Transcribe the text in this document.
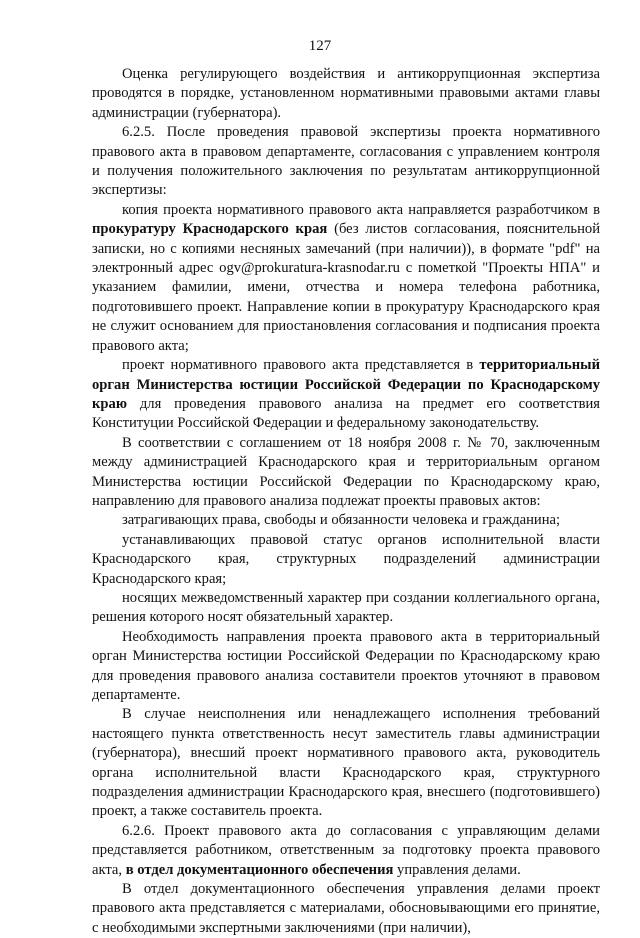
127

Оценка регулирующего воздействия и антикоррупционная экспертиза проводятся в порядке, установленном нормативными правовыми актами главы администрации (губернатора).

6.2.5. После проведения правовой экспертизы проекта нормативного правового акта в правовом департаменте, согласования с управлением контроля и получения положительного заключения по результатам антикоррупционной экспертизы:

копия проекта нормативного правового акта направляется разработчиком в прокуратуру Краснодарского края (без листов согласования, пояснительной записки, но с копиями несняных замечаний (при наличии)), в формате "pdf" на электронный адрес ogv@prokuratura-krasnodar.ru с пометкой "Проекты НПА" и указанием фамилии, имени, отчества и номера телефона работника, подготовившего проект. Направление копии в прокуратуру Краснодарского края не служит основанием для приостановления согласования и подписания проекта правового акта;

проект нормативного правового акта представляется в территориальный орган Министерства юстиции Российской Федерации по Краснодарскому краю для проведения правового анализа на предмет его соответствия Конституции Российской Федерации и федеральному законодательству.

В соответствии с соглашением от 18 ноября 2008 г. № 70, заключенным между администрацией Краснодарского края и территориальным органом Министерства юстиции Российской Федерации по Краснодарскому краю, направлению для правового анализа подлежат проекты правовых актов:

затрагивающих права, свободы и обязанности человека и гражданина;

устанавливающих правовой статус органов исполнительной власти Краснодарского края, структурных подразделений администрации Краснодарского края;

носящих межведомственный характер при создании коллегиального органа, решения которого носят обязательный характер.

Необходимость направления проекта правового акта в территориальный орган Министерства юстиции Российской Федерации по Краснодарскому краю для проведения правового анализа составители проектов уточняют в правовом департаменте.

В случае неисполнения или ненадлежащего исполнения требований настоящего пункта ответственность несут заместитель главы администрации (губернатора), внесший проект нормативного правового акта, руководитель органа исполнительной власти Краснодарского края, структурного подразделения администрации Краснодарского края, внесшего (подготовившего) проект, а также составитель проекта.

6.2.6. Проект правового акта до согласования с управляющим делами представляется работником, ответственным за подготовку проекта правового акта, в отдел документационного обеспечения управления делами.

В отдел документационного обеспечения управления делами проект правового акта представляется с материалами, обосновывающими его принятие, с необходимыми экспертными заключениями (при наличии),
